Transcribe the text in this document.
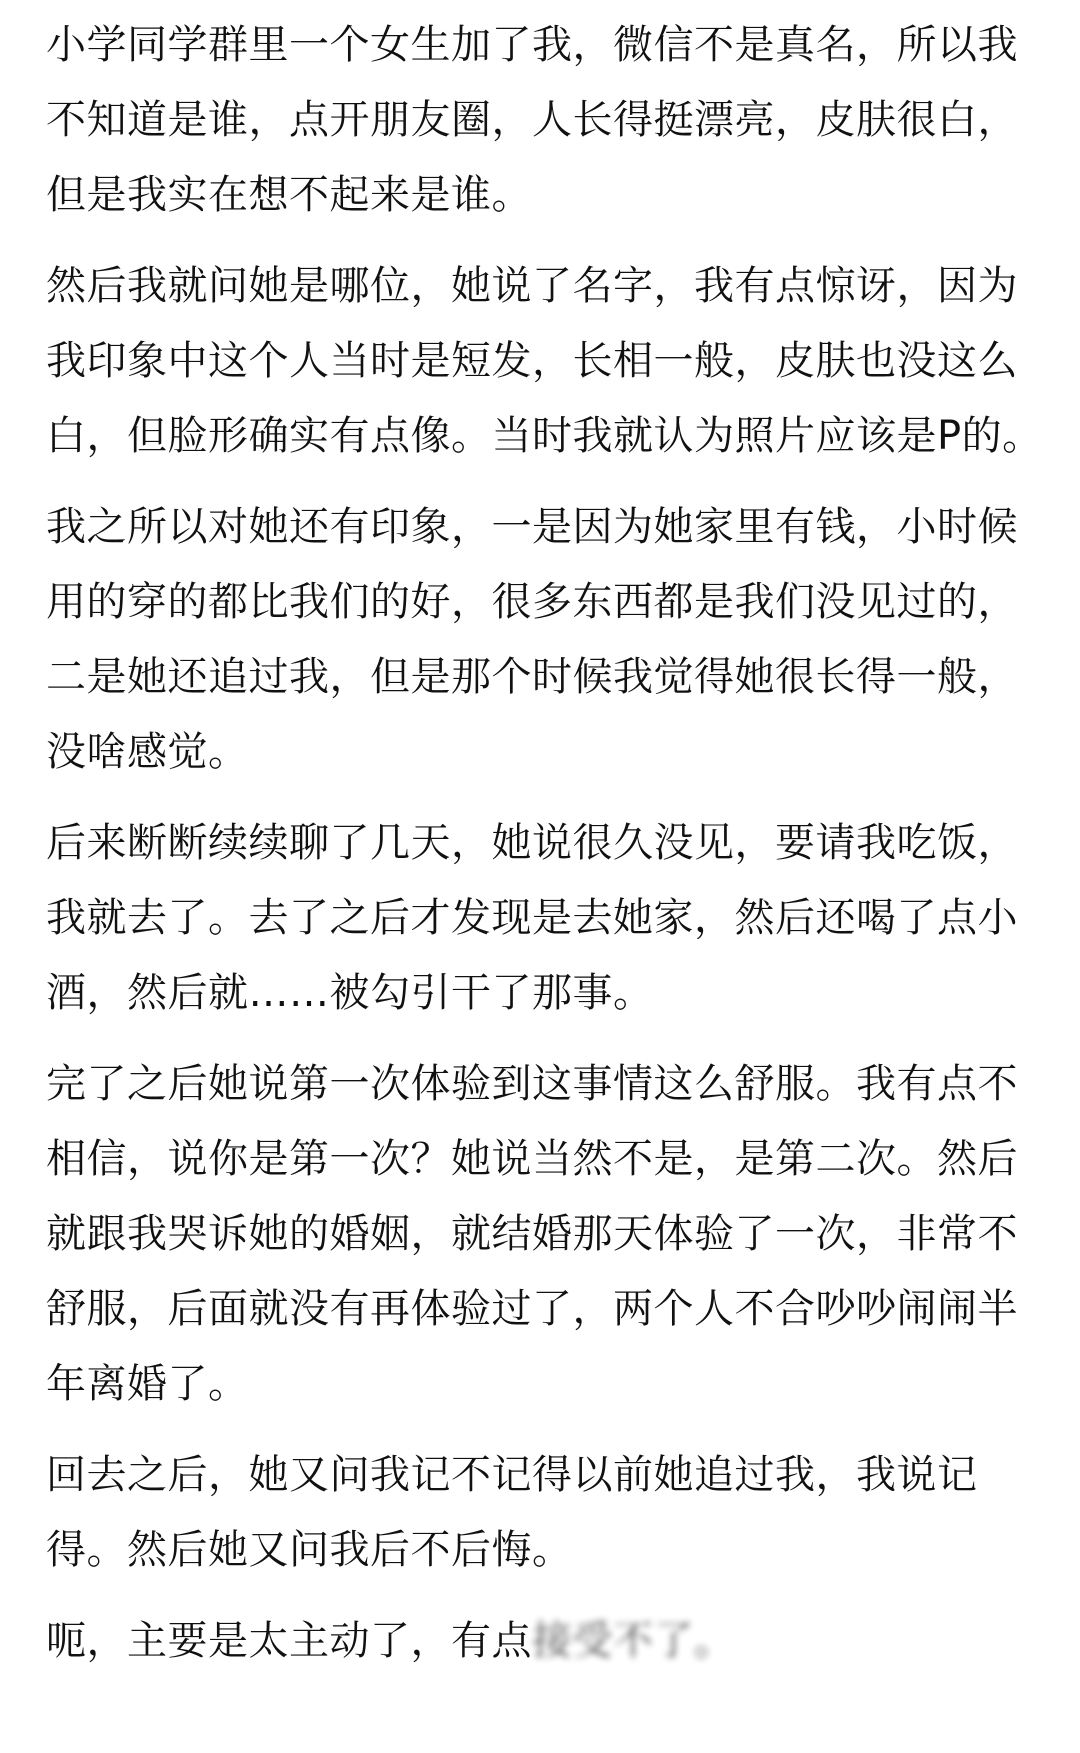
小学同学群里一个女生加了我，微信不是真名，所以我不知道是谁，点开朋友圈，人长得挺漂亮，皮肤很白，但是我实在想不起来是谁。

然后我就问她是哪位，她说了名字，我有点惊讶，因为我印象中这个人当时是短发，长相一般，皮肤也没这么白，但脸形确实有点像。当时我就认为照片应该是P的。

我之所以对她还有印象，一是因为她家里有钱，小时候用的穿的都比我们的好，很多东西都是我们没见过的，二是她还追过我，但是那个时候我觉得她很长得一般，没啥感觉。

后来断断续续聊了几天，她说很久没见，要请我吃饭，我就去了。去了之后才发现是去她家，然后还喝了点小酒，然后就……被勾引干了那事。

完了之后她说第一次体验到这事情这么舒服。我有点不相信，说你是第一次？她说当然不是，是第二次。然后就跟我哭诉她的婚姻，就结婚那天体验了一次，非常不舒服，后面就没有再体验过了，两个人不合吵吵闹闹半年离婚了。

回去之后，她又问我记不记得以前她追过我，我说记得。然后她又问我后不后悔。

呃，主要是太主动了，有点接受不了。
